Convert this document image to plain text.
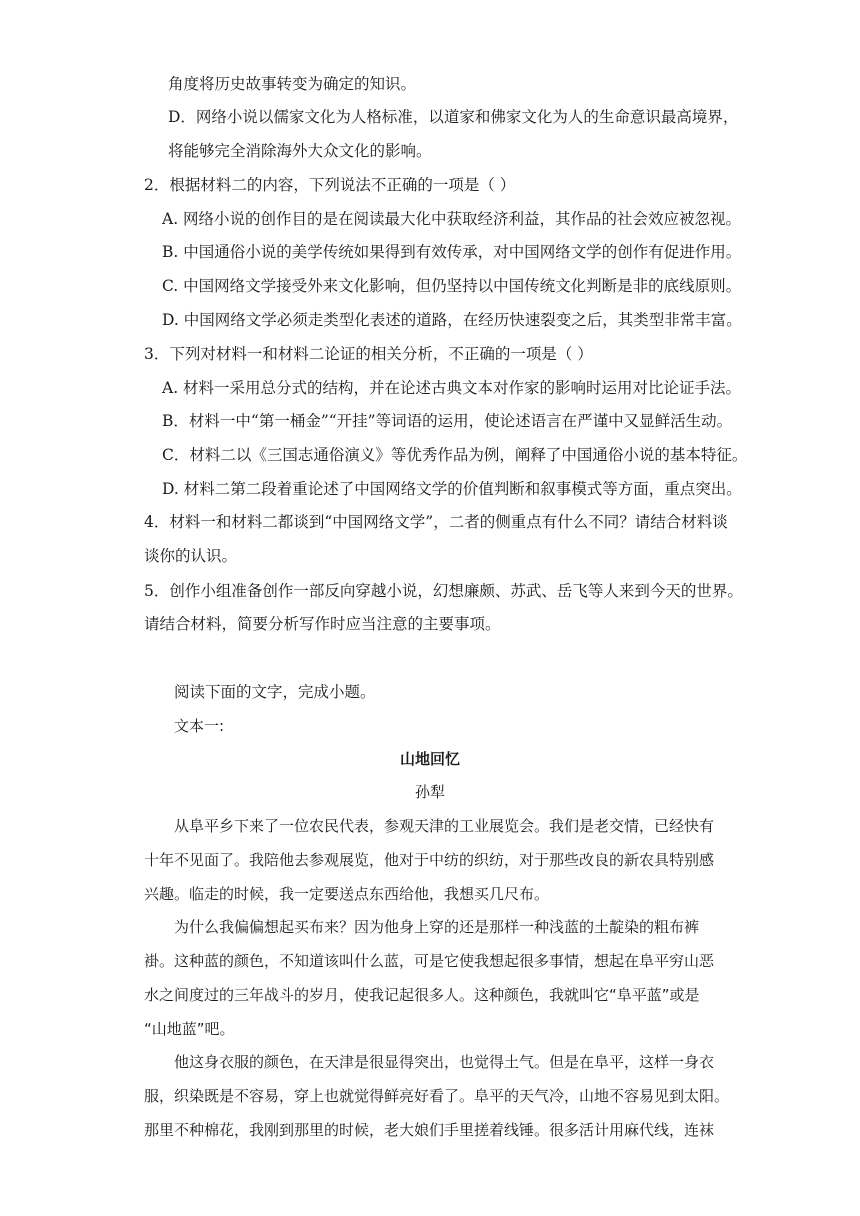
角度将历史故事转变为确定的知识。
D．网络小说以儒家文化为人格标准，以道家和佛家文化为人的生命意识最高境界，
将能够完全消除海外大众文化的影响。
2．根据材料二的内容，下列说法不正确的一项是（ ）
A. 网络小说的创作目的是在阅读最大化中获取经济利益，其作品的社会效应被忽视。
B. 中国通俗小说的美学传统如果得到有效传承，对中国网络文学的创作有促进作用。
C. 中国网络文学接受外来文化影响，但仍坚持以中国传统文化判断是非的底线原则。
D. 中国网络文学必须走类型化表述的道路，在经历快速裂变之后，其类型非常丰富。
3．下列对材料一和材料二论证的相关分析，不正确的一项是（ ）
A. 材料一采用总分式的结构，并在论述古典文本对作家的影响时运用对比论证手法。
B．材料一中“第一桶金”“开挂”等词语的运用，使论述语言在严谨中又显鲜活生动。
C．材料二以《三国志通俗演义》等优秀作品为例，阐释了中国通俗小说的基本特征。
D. 材料二第二段着重论述了中国网络文学的价值判断和叙事模式等方面，重点突出。
4．材料一和材料二都谈到“中国网络文学”，二者的侧重点有什么不同？请结合材料谈
谈你的认识。
5．创作小组准备创作一部反向穿越小说，幻想廉颇、苏武、岳飞等人来到今天的世界。
请结合材料，简要分析写作时应当注意的主要事项。
阅读下面的文字，完成小题。
文本一:
山地回忆
孙犁
从阜平乡下来了一位农民代表，参观天津的工业展览会。我们是老交情，已经快有
十年不见面了。我陪他去参观展览，他对于中纺的织纺，对于那些改良的新农具特别感
兴趣。临走的时候，我一定要送点东西给他，我想买几尺布。
为什么我偏偏想起买布来？因为他身上穿的还是那样一种浅蓝的土靛染的粗布裤
褂。这种蓝的颜色，不知道该叫什么蓝，可是它使我想起很多事情，想起在阜平穷山恶
水之间度过的三年战斗的岁月，使我记起很多人。这种颜色，我就叫它“阜平蓝”或是
“山地蓝”吧。
他这身衣服的颜色，在天津是很显得突出，也觉得土气。但是在阜平，这样一身衣
服，织染既是不容易，穿上也就觉得鲜亮好看了。阜平的天气冷，山地不容易见到太阳。
那里不种棉花，我刚到那里的时候，老大娘们手里搓着线锤。很多活计用麻代线，连袜
